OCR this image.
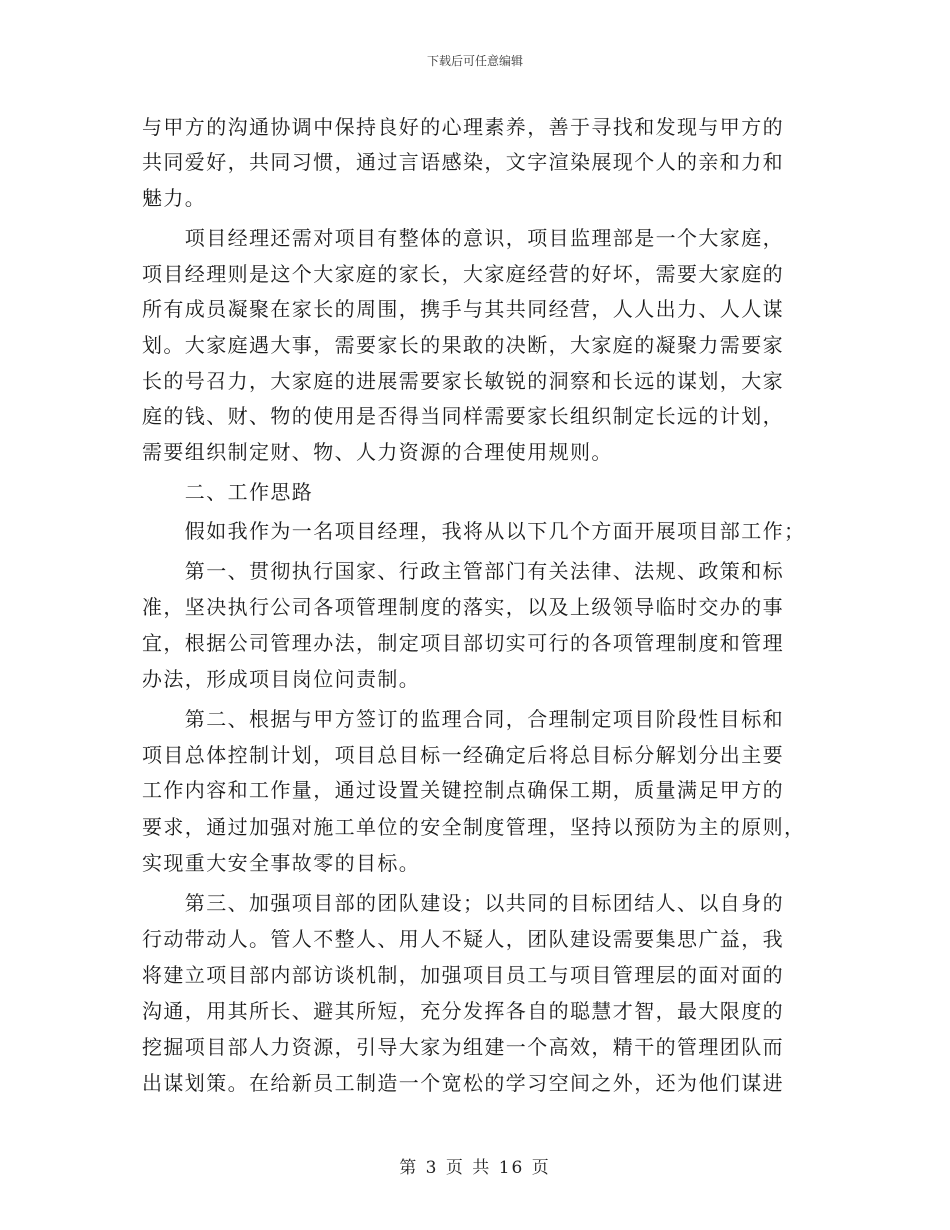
下载后可任意编辑
与甲方的沟通协调中保持良好的心理素养，善于寻找和发现与甲方的
共同爱好，共同习惯，通过言语感染，文字渲染展现个人的亲和力和
魅力。
　　项目经理还需对项目有整体的意识，项目监理部是一个大家庭，
项目经理则是这个大家庭的家长，大家庭经营的好坏，需要大家庭的
所有成员凝聚在家长的周围，携手与其共同经营，人人出力、人人谋
划。大家庭遇大事，需要家长的果敢的决断，大家庭的凝聚力需要家
长的号召力，大家庭的进展需要家长敏锐的洞察和长远的谋划，大家
庭的钱、财、物的使用是否得当同样需要家长组织制定长远的计划，
需要组织制定财、物、人力资源的合理使用规则。
　　二、工作思路
　　假如我作为一名项目经理，我将从以下几个方面开展项目部工作；
　　第一、贯彻执行国家、行政主管部门有关法律、法规、政策和标
准，坚决执行公司各项管理制度的落实，以及上级领导临时交办的事
宜，根据公司管理办法，制定项目部切实可行的各项管理制度和管理
办法，形成项目岗位问责制。
　　第二、根据与甲方签订的监理合同，合理制定项目阶段性目标和
项目总体控制计划，项目总目标一经确定后将总目标分解划分出主要
工作内容和工作量，通过设置关键控制点确保工期，质量满足甲方的
要求，通过加强对施工单位的安全制度管理，坚持以预防为主的原则，
实现重大安全事故零的目标。
　　第三、加强项目部的团队建设；以共同的目标团结人、以自身的
行动带动人。管人不整人、用人不疑人，团队建设需要集思广益，我
将建立项目部内部访谈机制，加强项目员工与项目管理层的面对面的
沟通，用其所长、避其所短，充分发挥各自的聪慧才智，最大限度的
挖掘项目部人力资源，引导大家为组建一个高效，精干的管理团队而
出谋划策。在给新员工制造一个宽松的学习空间之外，还为他们谋进
第 3 页 共 16 页
